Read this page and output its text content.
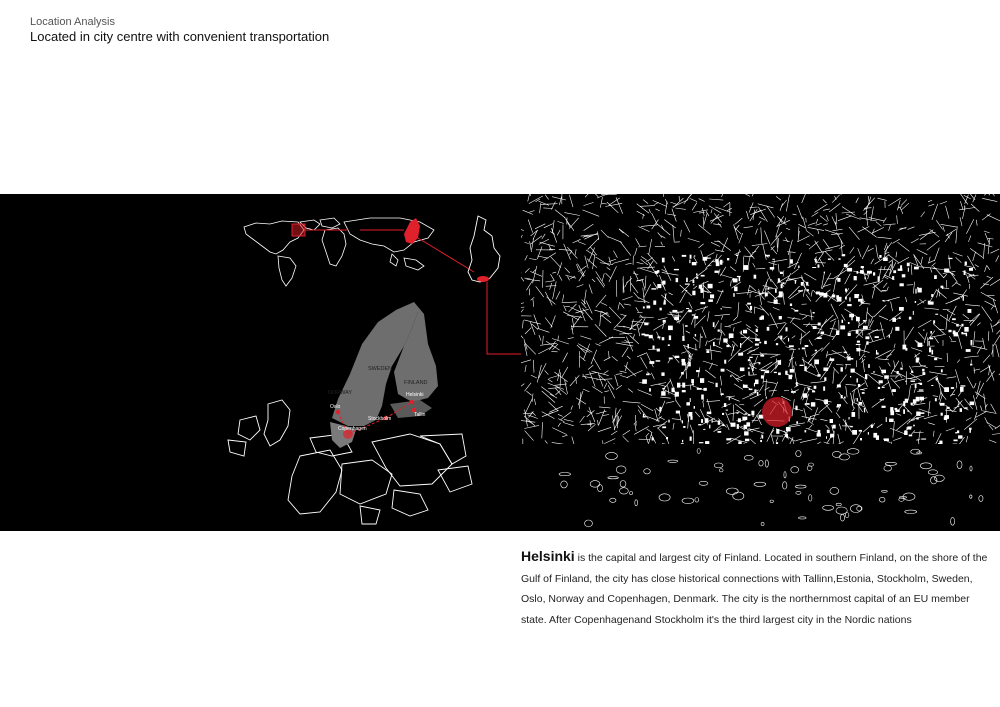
Location Analysis
Located in city centre with convenient transportation
SWEDEN
NORWAY
FINLAND
Oslo
Copenhagen
Stockholm
Helsinki
Tallin
Helsinki is the capital and largest city of Finland. Located in southern Finland, on the shore of the Gulf of Finland, the city has close historical connections with Tallinn,Estonia, Stockholm, Sweden, Oslo, Norway and Copenhagen, Denmark. The city is the northernmost capital of an EU member state. After Copenhagenand Stockholm it's the third largest city in the Nordic nations
